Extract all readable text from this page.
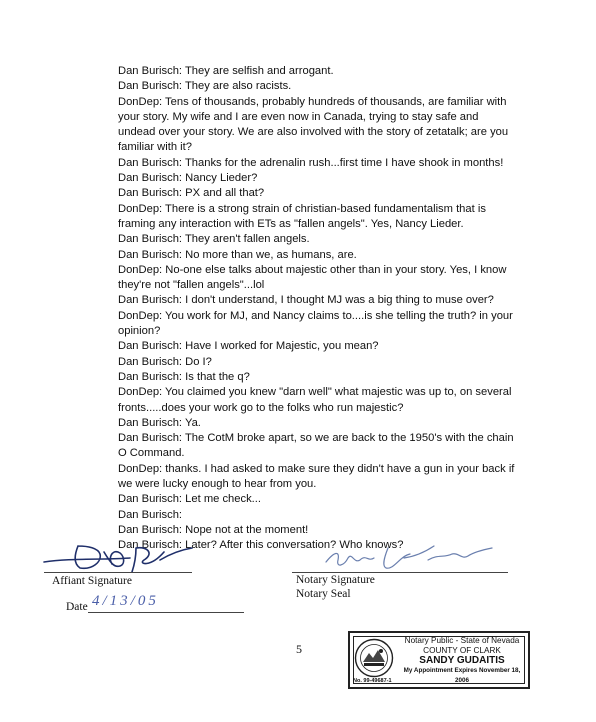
Dan Burisch: They are selfish and arrogant.
Dan Burisch: They are also racists.
DonDep: Tens of thousands, probably hundreds of thousands, are familiar with your story. My wife and I are even now in Canada, trying to stay safe and undead over your story. We are also involved with the story of zetatalk; are you familiar with it?
Dan Burisch: Thanks for the adrenalin rush...first time I have shook in months!
Dan Burisch: Nancy Lieder?
Dan Burisch: PX and all that?
DonDep: There is a strong strain of christian-based fundamentalism that is framing any interaction with ETs as "fallen angels". Yes, Nancy Lieder.
Dan Burisch: They aren't fallen angels.
Dan Burisch: No more than we, as humans, are.
DonDep: No-one else talks about majestic other than in your story. Yes, I know they're not "fallen angels"...lol
Dan Burisch: I don't understand, I thought MJ was a big thing to muse over?
DonDep: You work for MJ, and Nancy claims to....is she telling the truth? in your opinion?
Dan Burisch: Have I worked for Majestic, you mean?
Dan Burisch: Do I?
Dan Burisch: Is that the q?
DonDep: You claimed you knew "darn well" what majestic was up to, on several fronts.....does your work go to the folks who run majestic?
Dan Burisch: Ya.
Dan Burisch: The CotM broke apart, so we are back to the 1950's with the chain O Command.
DonDep: thanks. I had asked to make sure they didn't have a gun in your back if we were lucky enough to hear from you.
Dan Burisch: Let me check...
Dan Burisch:
Dan Burisch: Nope not at the moment!
Dan Burisch: Later? After this conversation? Who knows?
Affiant Signature
Date 4/13/05
Notary Signature
Notary Seal
5
Notary Public - State of Nevada
COUNTY OF CLARK
SANDY GUDAITIS
My Appointment Expires November 18, 2006
No. 99-49687-1
